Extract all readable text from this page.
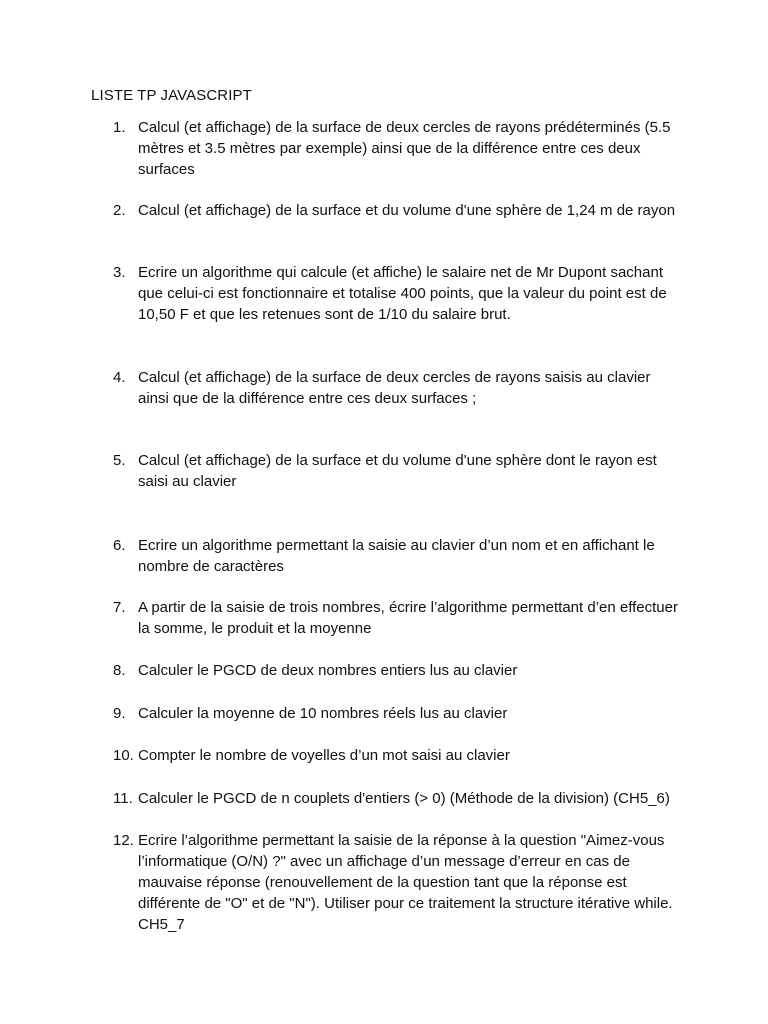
LISTE TP JAVASCRIPT
1. Calcul (et affichage) de la surface de deux cercles de rayons prédéterminés (5.5
mètres et 3.5 mètres par exemple) ainsi que de la différence entre ces deux
surfaces
2. Calcul (et affichage) de la surface et du volume d'une sphère de 1,24 m de rayon
3. Ecrire un algorithme qui calcule (et affiche) le salaire net de Mr Dupont sachant
que celui-ci est fonctionnaire et totalise 400 points, que la valeur du point est de
10,50 F et que les retenues sont de 1/10 du salaire brut.
4. Calcul (et affichage) de la surface de deux cercles de rayons saisis au clavier
ainsi que de la différence entre ces deux surfaces ;
5. Calcul (et affichage) de la surface et du volume d'une sphère dont le rayon est
saisi au clavier
6. Ecrire un algorithme permettant la saisie au clavier d’un nom et en affichant le
nombre de caractères
7. A partir de la saisie de trois nombres, écrire l’algorithme permettant d’en effectuer
la somme, le produit et la moyenne
8. Calculer le PGCD de deux nombres entiers lus au clavier
9. Calculer la moyenne de 10 nombres réels lus au clavier
10. Compter le nombre de voyelles d’un mot saisi au clavier
11. Calculer le PGCD de n couplets d'entiers (> 0) (Méthode de la division) (CH5_6)
12. Ecrire l’algorithme permettant la saisie de la réponse à la question "Aimez-vous
l’informatique (O/N) ?" avec un affichage d’un message d’erreur en cas de
mauvaise réponse (renouvellement de la question tant que la réponse est
différente de "O" et de "N"). Utiliser pour ce traitement la structure itérative while.
CH5_7
